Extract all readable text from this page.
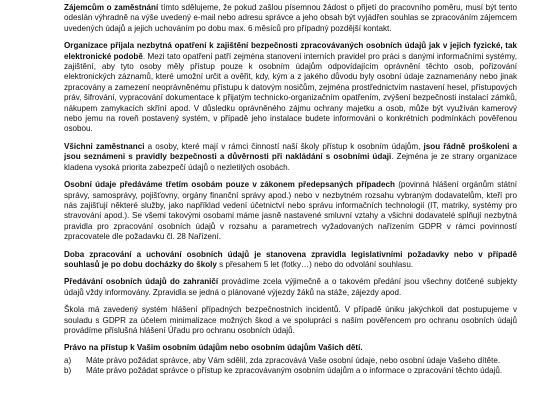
Zájemcům o zaměstnání tímto sdělujeme, že pokud zašlou písemnou žádost o přijetí do pracovního poměru, musí být tento odeslán výhradně na výše uvedený e-mail nebo adresu správce a jeho obsah být vyjádřen souhlas se zpracováním zájemcem uvedených údajů a jejich uchováním po dobu max. 6 měsíců pro případný pozdější kontakt.

Organizace přijala nezbytná opatření k zajištění bezpečnosti zpracovávaných osobních údajů jak v jejich fyzické, tak elektronické podobě. Mezi tato opatření patří zejména stanovení interních pravidel pro práci s danými informačními systémy, zajištění, aby tyto osoby měly přístup pouze k osobním údajům odpovídajícím oprávnění těchto osob, pořizování elektronických záznamů, které umožní určit a ověřit, kdy, kým a z jakého důvodu byly osobní údaje zaznamenány nebo jinak zpracovány a zamezení neoprávněnému přístupu k datovým nosičům, zejména prostřednictvím nastavení hesel, přístupových práv, šifrování, vypracování dokumentace k přijatým technicko-organizačním opatřením, zvýšení bezpečnosti instalací zámků, nákupem zamykacích skříní apod. V důsledku oprávněného zájmu ochrany majetku a osob, může být využíván kamerový nebo jemu na roveň postavený systém, v případě jeho instalace budete informováni o konkrétních podmínkách pověřenou osobou.

Všichni zaměstnanci a osoby, které mají v rámci činností naší školy přístup k osobním údajům, jsou řádně proškoleni a jsou seznámeni s pravidly bezpečnosti a důvěrnosti při nakládání s osobními údaji. Zejména je ze strany organizace kladena vysoká priorita zabezpečí údajů o nezletilých osobách.

Osobní údaje předáváme třetím osobám pouze v zákonem předepsaných případech (povinná hlášení orgánům státní správy, samosprávy, pojišťovny, orgány finanční správy apod.) nebo v nezbytném rozsahu vybraným dodavatelům, kteří pro nás zajišťují některé služby, jako například vedení účetnictví nebo správu informačních technologií (IT, matriky, systémy pro stravování apod.). Se všemi takovými osobami máme jasně nastavené smluvní vztahy a všichni dodavatelé splňují nezbytná pravidla pro zpracování osobních údajů v rozsahu a parametrech vyžadovaných nařízením GDPR v rámci povinností zpracovatele dle požadavku čl. 28 Nařízení.

Doba zpracování a uchování osobních údajů je stanovena zpravidla legislativními požadavky nebo v případě souhlasů je po dobu docházky do školy s přesahem 5 let (fotky…) nebo do odvolání souhlasu.

Předávání osobních údajů do zahraničí provádíme zcela výjimečně a o takovém předání jsou všechny dotčené subjekty údajů vždy informovány. Zpravidla se jedná o plánované výjezdy žáků na stáže, zájezdy apod.

Škola má zavedený systém hlášení případných bezpečnostních incidentů. V případě úniku jakýchkoli dat postupujeme v souladu s GDPR za účelem minimalizace možných škod a ve spolupráci s naším pověřencem pro ochranu osobních údajů provádíme příslušná hlášení Úřadu pro ochranu osobních údajů.

Právo na přístup k Vašim osobním údajům nebo osobním údajům Vašich dětí.

a)	Máte právo požádat správce, aby Vám sdělil, zda zpracovává Vaše osobní údaje, nebo osobní údaje Vašeho dítěte.
b)	Máte právo požádat správce o přístup ke zpracovávaným osobním údajům a o informace o zpracování těchto údajů.
